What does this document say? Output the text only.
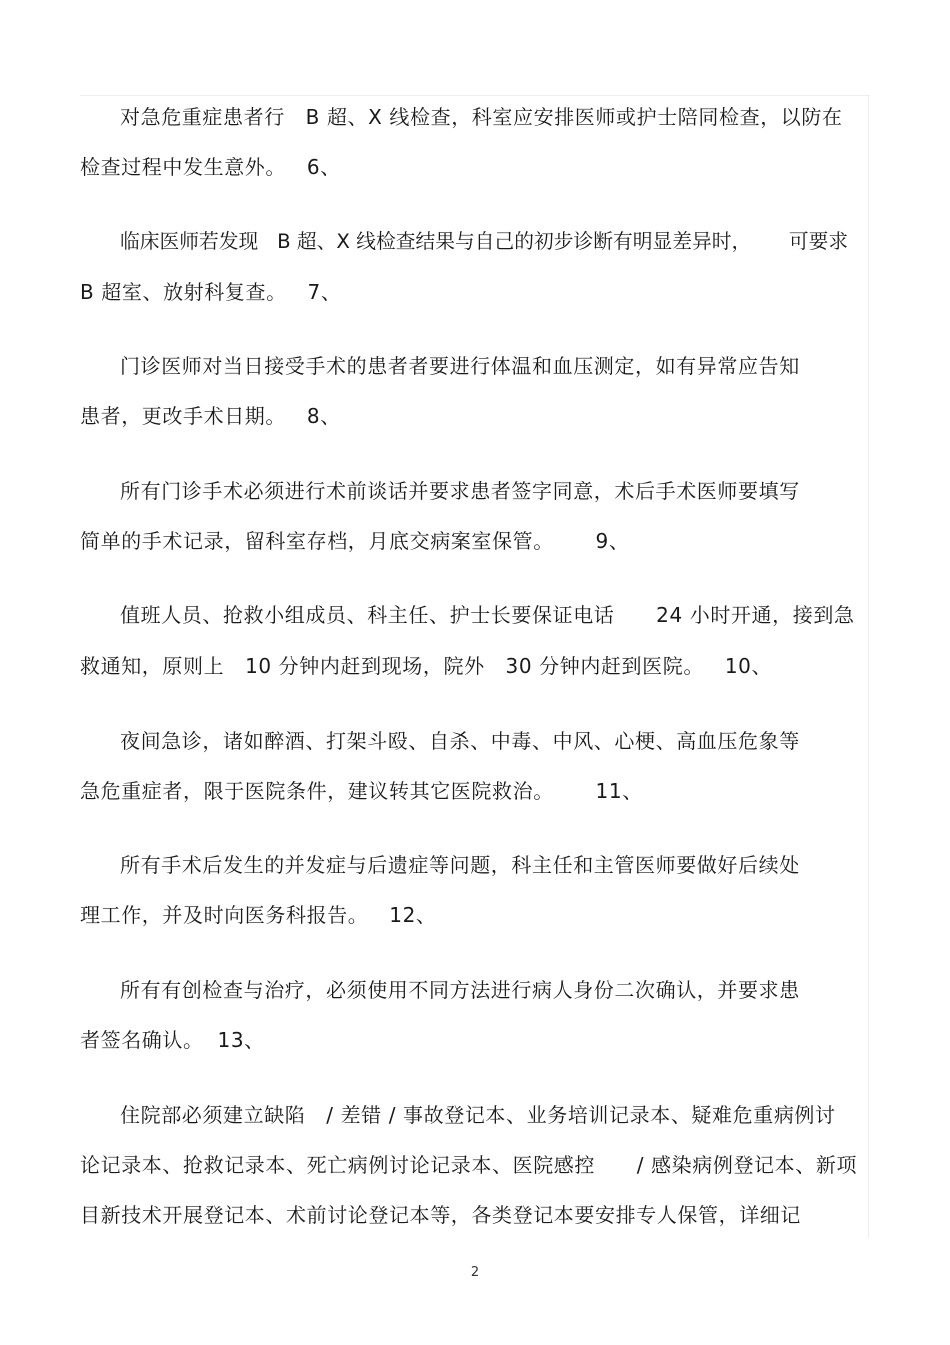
对急危重症患者行   B 超、X 线检查，科室应安排医师或护士陪同检查，以防在
检查过程中发生意外。   6、
临床医师若发现   B 超、X 线检查结果与自己的初步诊断有明显差异时，      可要求
B 超室、放射科复查。   7、
门诊医师对当日接受手术的患者者要进行体温和血压测定，如有异常应告知
患者，更改手术日期。   8、
所有门诊手术必须进行术前谈话并要求患者签字同意，术后手术医师要填写
简单的手术记录，留科室存档，月底交病案室保管。      9、
值班人员、抢救小组成员、科主任、护士长要保证电话      24 小时开通，接到急
救通知，原则上   10 分钟内赶到现场，院外   30 分钟内赶到医院。   10、
夜间急诊，诸如醉酒、打架斗殴、自杀、中毒、中风、心梗、高血压危象等
急危重症者，限于医院条件，建议转其它医院救治。      11、
所有手术后发生的并发症与后遗症等问题，科主任和主管医师要做好后续处
理工作，并及时向医务科报告。   12、
所有有创检查与治疗，必须使用不同方法进行病人身份二次确认，并要求患
者签名确认。  13、
住院部必须建立缺陷   / 差错 / 事故登记本、业务培训记录本、疑难危重病例讨
论记录本、抢救记录本、死亡病例讨论记录本、医院感控      / 感染病例登记本、新项
目新技术开展登记本、术前讨论登记本等，各类登记本要安排专人保管，详细记
2
